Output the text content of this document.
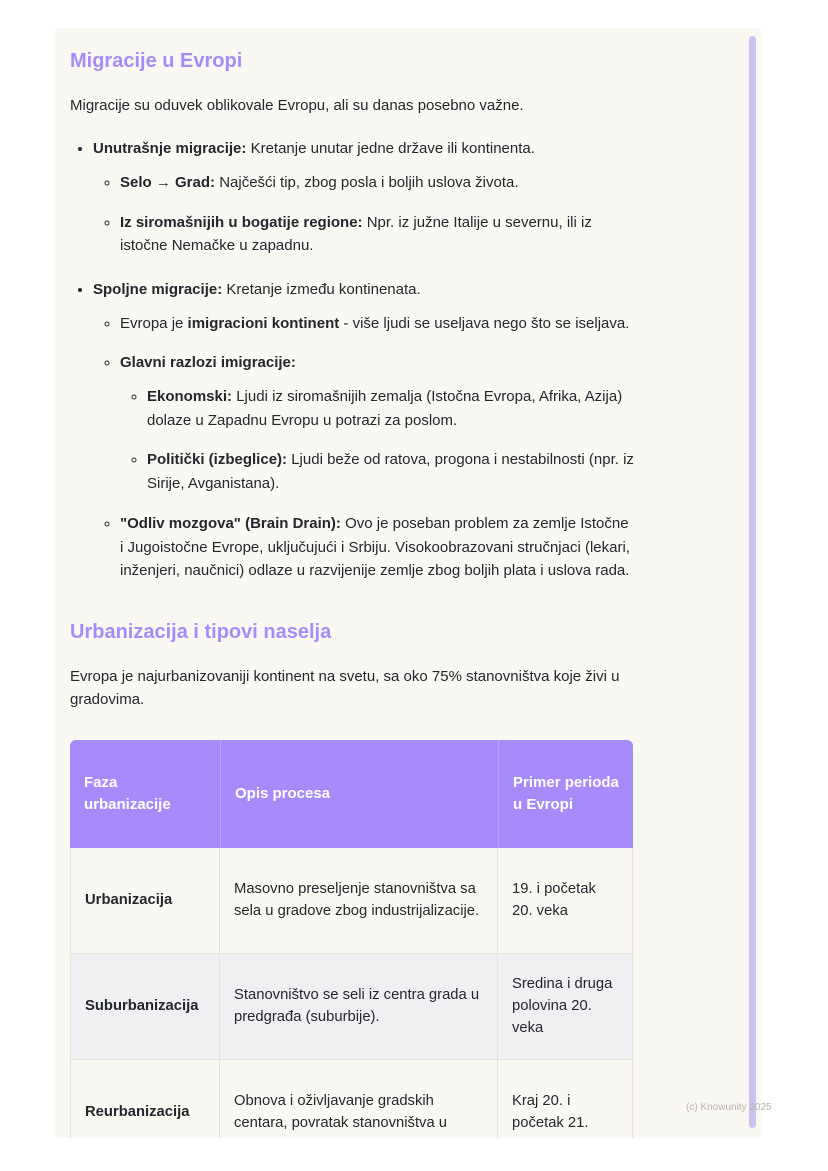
Migracije u Evropi

Migracije su oduvek oblikovale Evropu, ali su danas posebno važne.

• Unutrašnje migracije: Kretanje unutar jedne države ili kontinenta.
◦ Selo → Grad: Najčešći tip, zbog posla i boljih uslova života.
◦ Iz siromašnijih u bogatije regione: Npr. iz južne Italije u severnu, ili iz istočne Nemačke u zapadnu.
• Spoljne migracije: Kretanje između kontinenata.
◦ Evropa je imigracioni kontinent - više ljudi se useljava nego što se iseljava.
◦ Glavni razlozi imigracije:
◦ Ekonomski: Ljudi iz siromašnijih zemalja (Istočna Evropa, Afrika, Azija) dolaze u Zapadnu Evropu u potrazi za poslom.
◦ Politički (izbeglice): Ljudi beže od ratova, progona i nestabilnosti (npr. iz Sirije, Avganistana).
◦ "Odliv mozgova" (Brain Drain): Ovo je poseban problem za zemlje Istočne i Jugoistočne Evrope, uključujući i Srbiju. Visokoobrazovani stručnjaci (lekari, inženjeri, naučnici) odlaze u razvijenije zemlje zbog boljih plata i uslova rada.
Urbanizacija i tipovi naselja

Evropa je najurbanizovaniji kontinent na svetu, sa oko 75% stanovništva koje živi u gradovima.

Faza urbanizacije	Opis procesa	Primer perioda u Evropi
Urbanizacija	Masovno preseljenje stanovništva sa sela u gradove zbog industrijalizacije.	19. i početak 20. veka
Suburbanizacija	Stanovništvo se seli iz centra grada u predgrađa (suburbije).	Sredina i druga polovina 20. veka
Reurbanizacija	Obnova i oživljavanje gradskih centara, povratak stanovništva u	Kraj 20. i početak 21.
(c) Knowunity 2025
